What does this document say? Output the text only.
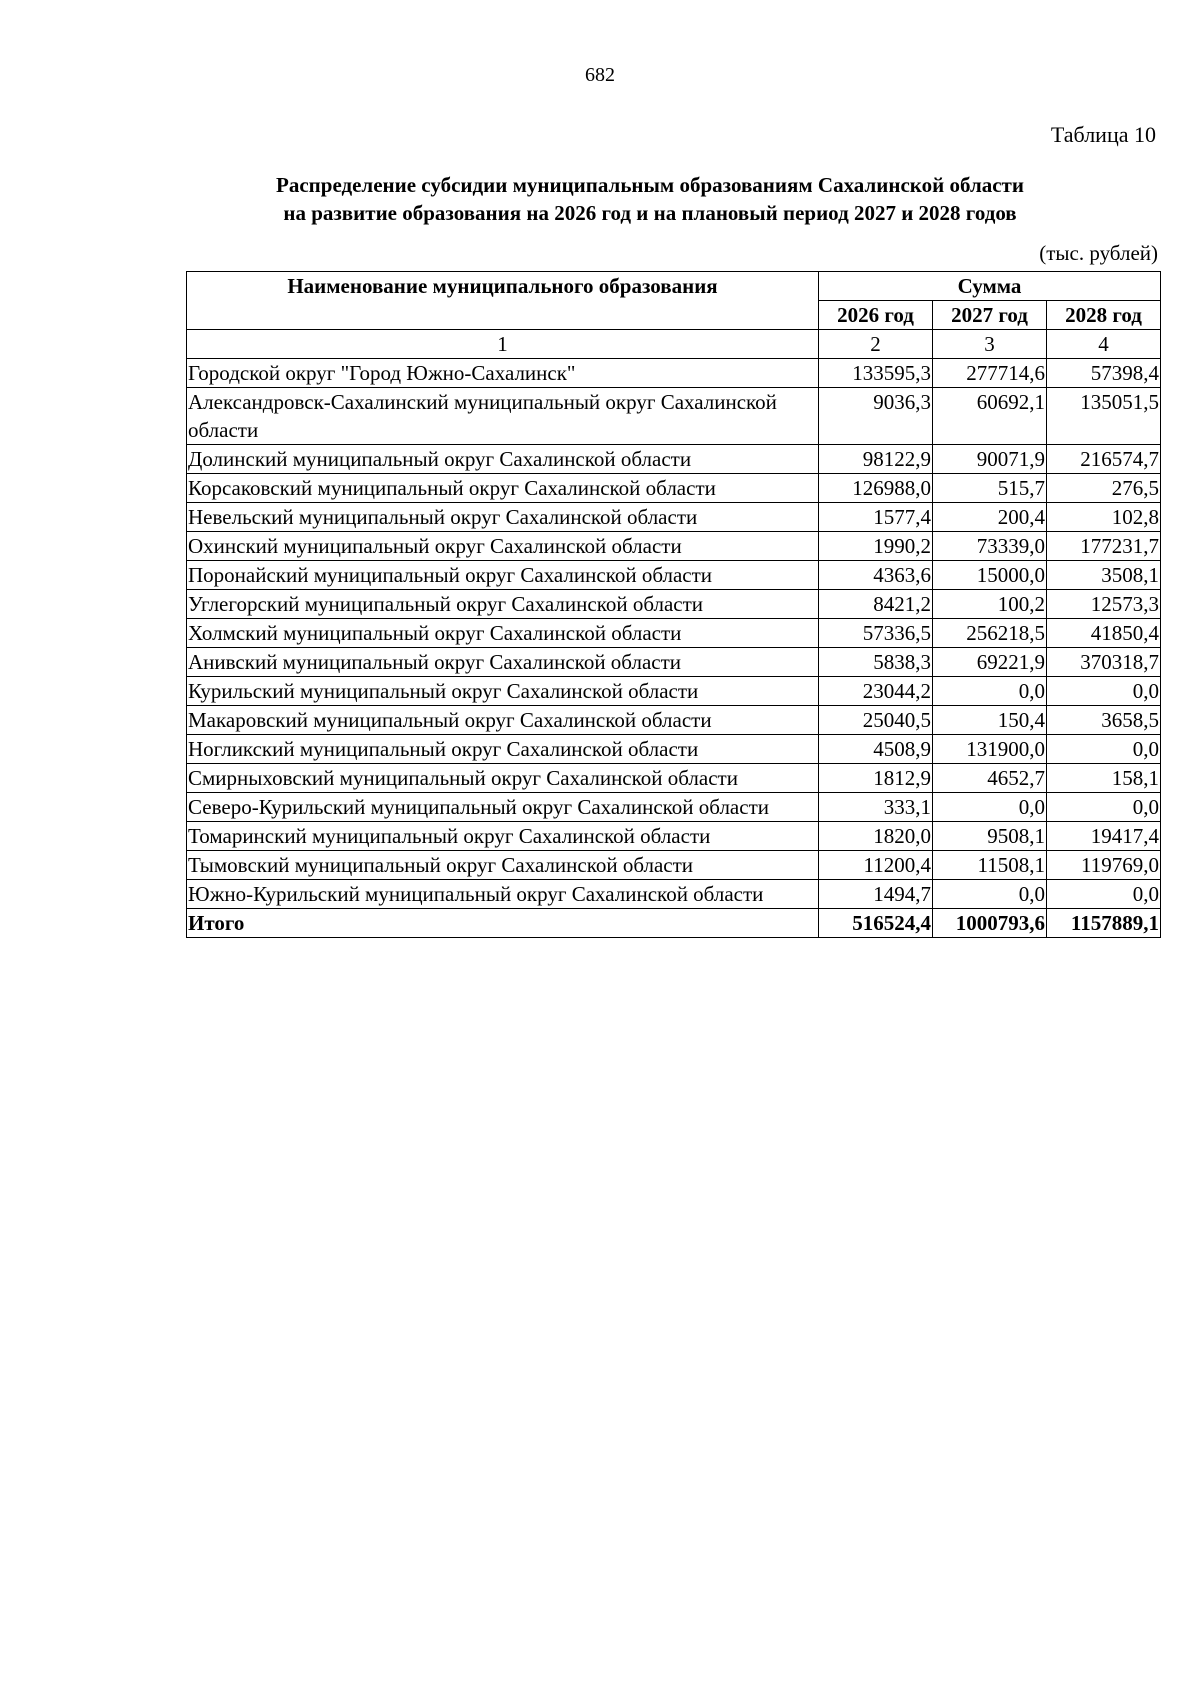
682
Таблица 10
Распределение субсидии муниципальным образованиям Сахалинской области
на развитие образования на 2026 год и на плановый период 2027 и 2028 годов
(тыс. рублей)
Наименование муниципального образования	Сумма		
	2026 год	2027 год	2028 год
1	2	3	4
Городской округ "Город Южно-Сахалинск"	133595,3	277714,6	57398,4
Александровск-Сахалинский муниципальный округ Сахалинской области	9036,3	60692,1	135051,5
Долинский муниципальный округ Сахалинской области	98122,9	90071,9	216574,7
Корсаковский муниципальный округ Сахалинской области	126988,0	515,7	276,5
Невельский муниципальный округ Сахалинской области	1577,4	200,4	102,8
Охинский муниципальный округ Сахалинской области	1990,2	73339,0	177231,7
Поронайский муниципальный округ Сахалинской области	4363,6	15000,0	3508,1
Углегорский муниципальный округ Сахалинской области	8421,2	100,2	12573,3
Холмский муниципальный округ Сахалинской области	57336,5	256218,5	41850,4
Анивский муниципальный округ Сахалинской области	5838,3	69221,9	370318,7
Курильский муниципальный округ Сахалинской области	23044,2	0,0	0,0
Макаровский муниципальный округ Сахалинской области	25040,5	150,4	3658,5
Ногликский муниципальный округ Сахалинской области	4508,9	131900,0	0,0
Смирныховский муниципальный округ Сахалинской области	1812,9	4652,7	158,1
Северо-Курильский муниципальный округ Сахалинской области	333,1	0,0	0,0
Томаринский муниципальный округ Сахалинской области	1820,0	9508,1	19417,4
Тымовский муниципальный округ Сахалинской области	11200,4	11508,1	119769,0
Южно-Курильский муниципальный округ Сахалинской области	1494,7	0,0	0,0
Итого	516524,4	1000793,6	1157889,1
